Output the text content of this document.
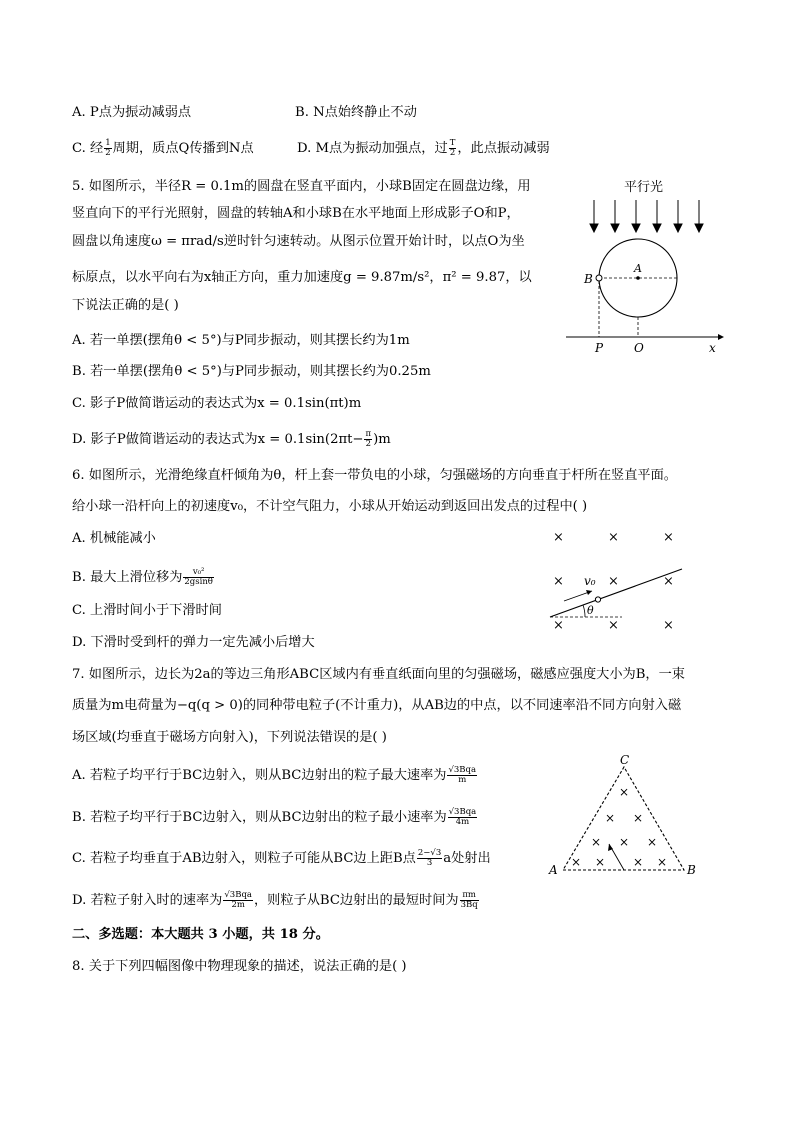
A. P点为振动减弱点	B. N点始终静止不动
C. 经 $\frac{1}{2}$ 周期，质点Q传播到N点	D. M点为振动加强点，过 $\frac{T}{2}$ ，此点振动减弱
5. 如图所示，半径R = 0.1m的圆盘在竖直平面内，小球B固定在圆盘边缘，用
竖直向下的平行光照射，圆盘的转轴A和小球B在水平地面上形成影子O和P，
圆盘以角速度ω = πrad/s逆时针匀速转动。从图示位置开始计时，以点O为坐
标原点，以水平向右为x轴正方向，重力加速度g = 9.87m/s²，π² = 9.87，以
下说法正确的是( )
A. 若一单摆(摆角θ < 5°)与P同步振动，则其摆长约为1m
B. 若一单摆(摆角θ < 5°)与P同步振动，则其摆长约为0.25m
C. 影子P做简谐运动的表达式为x = 0.1sin(πt)m
D. 影子P做简谐运动的表达式为$x = 0.1\sin(2\pi t- \frac{\pi}{2} )m$
平行光
A
B
P	O	x
6. 如图所示，光滑绝缘直杆倾角为θ，杆上套一带负电的小球，匀强磁场的方向垂直于杆所在竖直平面。
给小球一沿杆向上的初速度v₀，不计空气阻力，小球从开始运动到返回出发点的过程中( )
A. 机械能减小
B. 最大上滑位移为 $\frac{\text{v₀²}}{2gsin\theta}$
C. 上滑时间小于下滑时间
D. 下滑时受到杆的弹力一定先减小后增大
×	×	×
×	×	×
×	×	×
v₀
θ
7. 如图所示，边长为2a的等边三角形ABC区域内有垂直纸面向里的匀强磁场，磁感应强度大小为B，一束
质量为m电荷量为−q(q > 0)的同种带电粒子(不计重力)，从AB边的中点，以不同速率沿不同方向射入磁
场区域(均垂直于磁场方向射入)，下列说法错误的是( )
A. 若粒子均平行于BC边射入，则从BC边射出的粒子最大速率为 $\frac{\text{√3Bqa}}{m}$
B. 若粒子均平行于BC边射入，则从BC边射出的粒子最小速率为 $\frac{\text{√3Bqa}}{4m}$
C. 若粒子均垂直于AB边射入，则粒子可能从BC边上距B点 $\frac{2-√3}{3}$ a处射出
D. 若粒子射入时的速率为 $\frac{\text{√3Bqa}}{2m}$ ，则粒子从BC边射出的最短时间为 $\frac{\pi m}{3Bq}$
×
× ×
× × ×
× × × ×
C
A	B
二、多选题：本大题共 3 小题，共 18 分。
8. 关于下列四幅图像中物理现象的描述，说法正确的是( )
